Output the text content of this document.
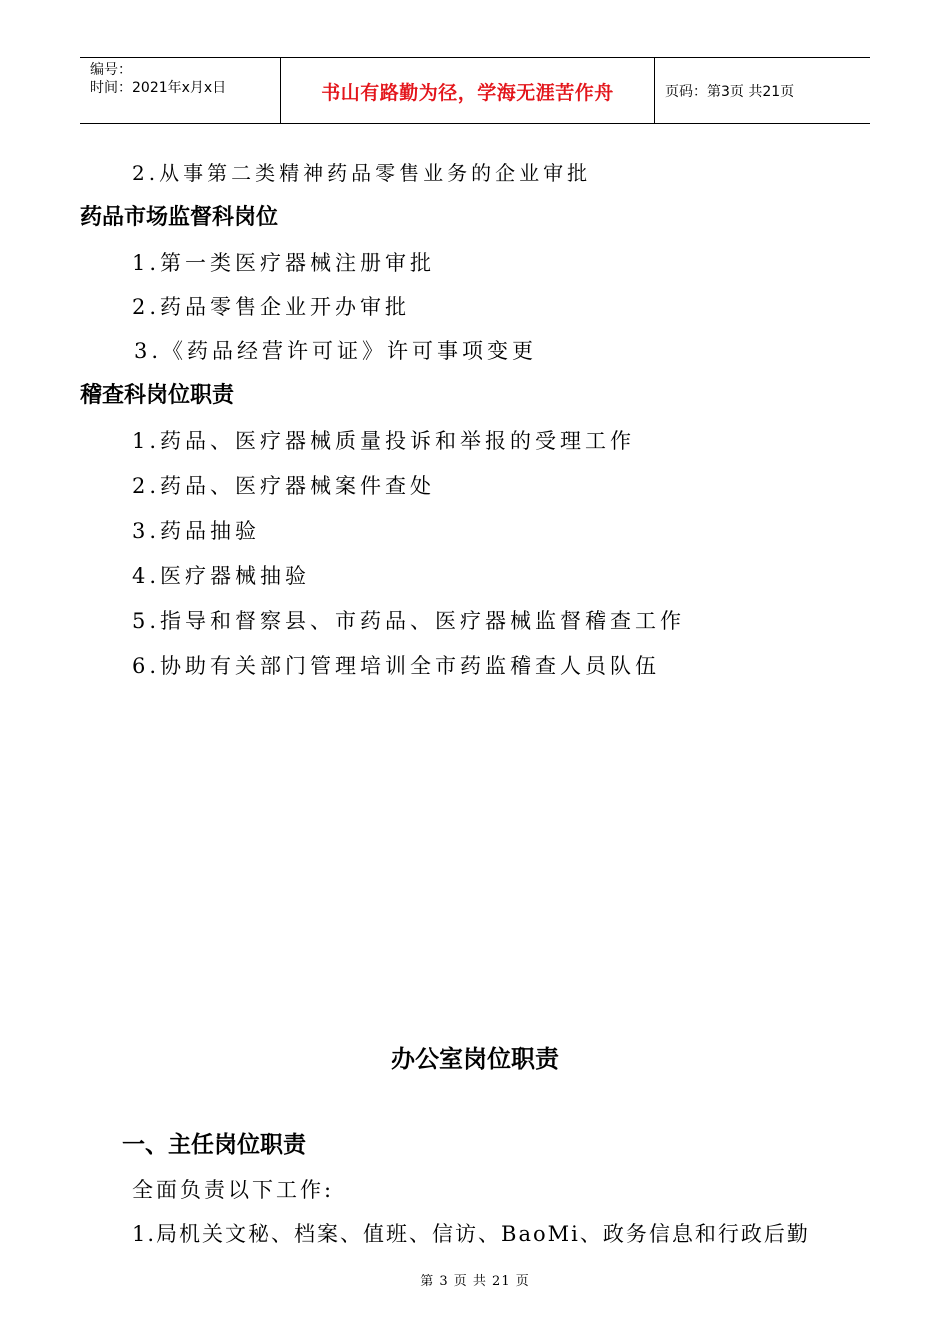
编号：
时间：2021年x月x日	书山有路勤为径，学海无涯苦作舟	页码：第3页 共21页
2.从事第二类精神药品零售业务的企业审批
药品市场监督科岗位
1.第一类医疗器械注册审批
2.药品零售企业开办审批
3.《药品经营许可证》许可事项变更
稽查科岗位职责
1.药品、医疗器械质量投诉和举报的受理工作
2.药品、医疗器械案件查处
3.药品抽验
4.医疗器械抽验
5.指导和督察县、市药品、医疗器械监督稽查工作
6.协助有关部门管理培训全市药监稽查人员队伍
办公室岗位职责
一、主任岗位职责
全面负责以下工作:
1.局机关文秘、档案、值班、信访、BaoMi、政务信息和行政后勤
第 3 页 共 21 页
